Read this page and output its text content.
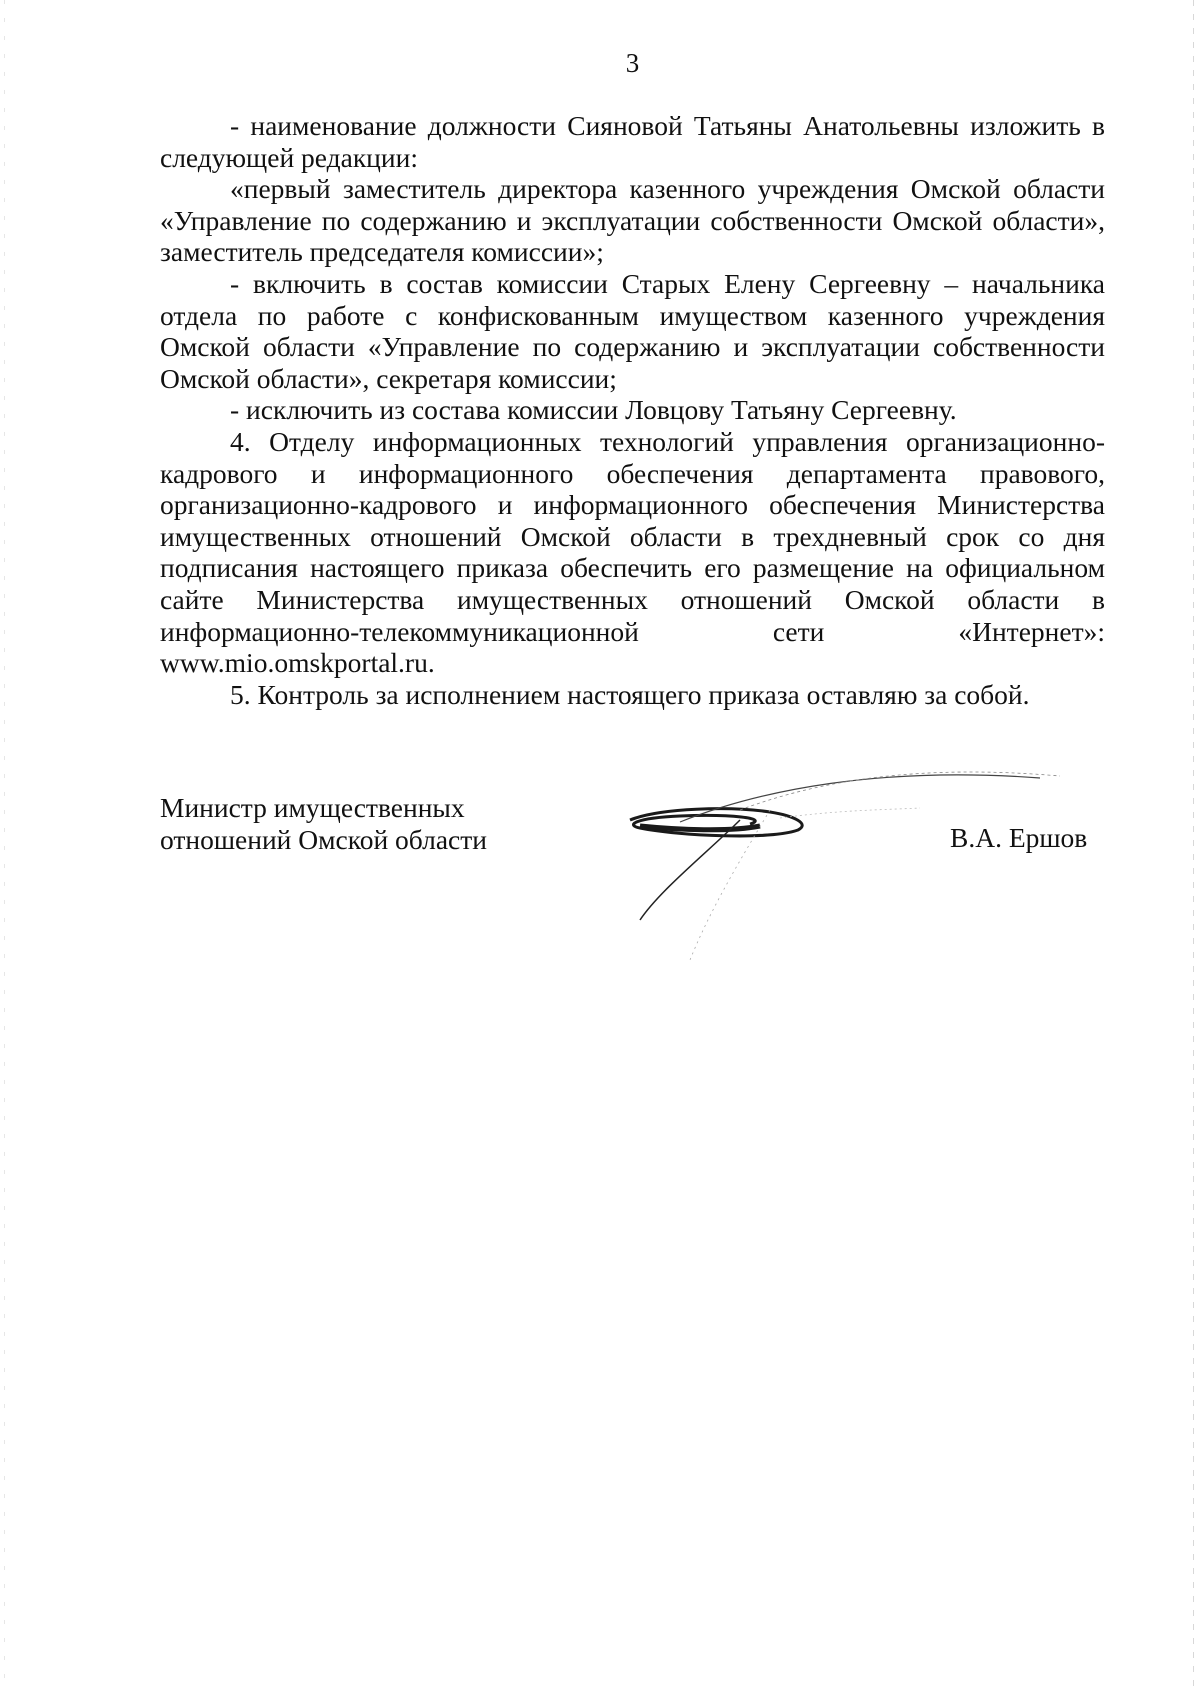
3

- наименование должности Сияновой Татьяны Анатольевны изложить в следующей редакции:

«первый заместитель директора казенного учреждения Омской области «Управление по содержанию и эксплуатации собственности Омской области», заместитель председателя комиссии»;

- включить в состав комиссии Старых Елену Сергеевну – начальника отдела по работе с конфискованным имуществом казенного учреждения Омской области «Управление по содержанию и эксплуатации собственности Омской области», секретаря комиссии;

- исключить из состава комиссии Ловцову Татьяну Сергеевну.

4. Отделу информационных технологий управления организационно-кадрового и информационного обеспечения департамента правового, организационно-кадрового и информационного обеспечения Министерства имущественных отношений Омской области в трехдневный срок со дня подписания настоящего приказа обеспечить его размещение на официальном сайте Министерства имущественных отношений Омской области в информационно-телекоммуникационной сети «Интернет»: www.mio.omskportal.ru.

5. Контроль за исполнением настоящего приказа оставляю за собой.

Министр имущественных
отношений Омской области	В.А. Ершов
